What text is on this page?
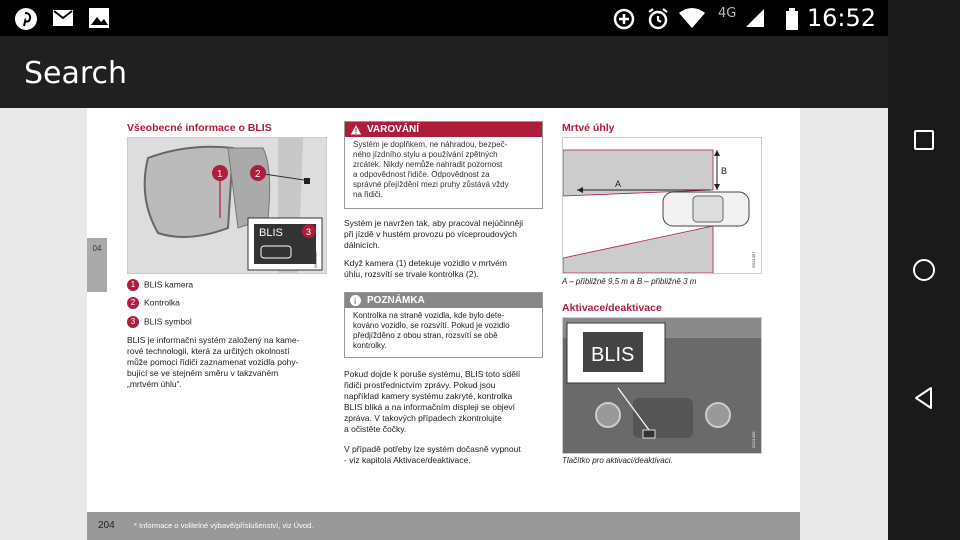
4G	16:52
Search
04
Všeobecné informace o BLIS
1	2
BLIS	3
G021356
1 BLIS kamera
2 Kontrolka
3 BLIS symbol
BLIS je informační systém založený na kame-
rové technologii, která za určitých okolností
může pomoci řidiči zaznamenat vozidla pohy-
bující se ve stejném směru v takzvaném
„mrtvém úhlu“.
! VAROVÁNÍ
Systém je doplňkem, ne náhradou, bezpeč-
ného jízdního stylu a používání zpětných
zrcátek. Nikdy nemůže nahradit pozornost
a odpovědnost řidiče. Odpovědnost za
správné přejíždění mezi pruhy zůstává vždy
na řidiči.
Systém je navržen tak, aby pracoval nejúčinněji
při jízdě v hustém provozu po víceproudových
dálnicích.
Když kamera (1) detekuje vozidlo v mrtvém
úhlu, rozsvítí se trvale kontrolka (2).
i POZNÁMKA
Kontrolka na straně vozidla, kde bylo dete-
kováno vozidlo, se rozsvítí. Pokud je vozidlo
předjížděno z obou stran, rozsvítí se obě
kontrolky.
Pokud dojde k poruše systému, BLIS toto sdělí
řidiči prostřednictvím zprávy. Pokud jsou
například kamery systému zakryté, kontrolka
BLIS bliká a na informačním displeji se objeví
zpráva. V takových případech zkontrolujte
a očistěte čočky.
V případě potřeby lze systém dočasně vypnout
- viz kapitola Aktivace/deaktivace.
Mrtvé úhly
A
B
G021357
A – přibližně 9,5 m a B – přibližně 3 m
Aktivace/deaktivace
BLIS
G021358
Tlačítko pro aktivaci/deaktivaci.
204	* Informace o volitelné výbavě/příslušenství, viz Úvod.
